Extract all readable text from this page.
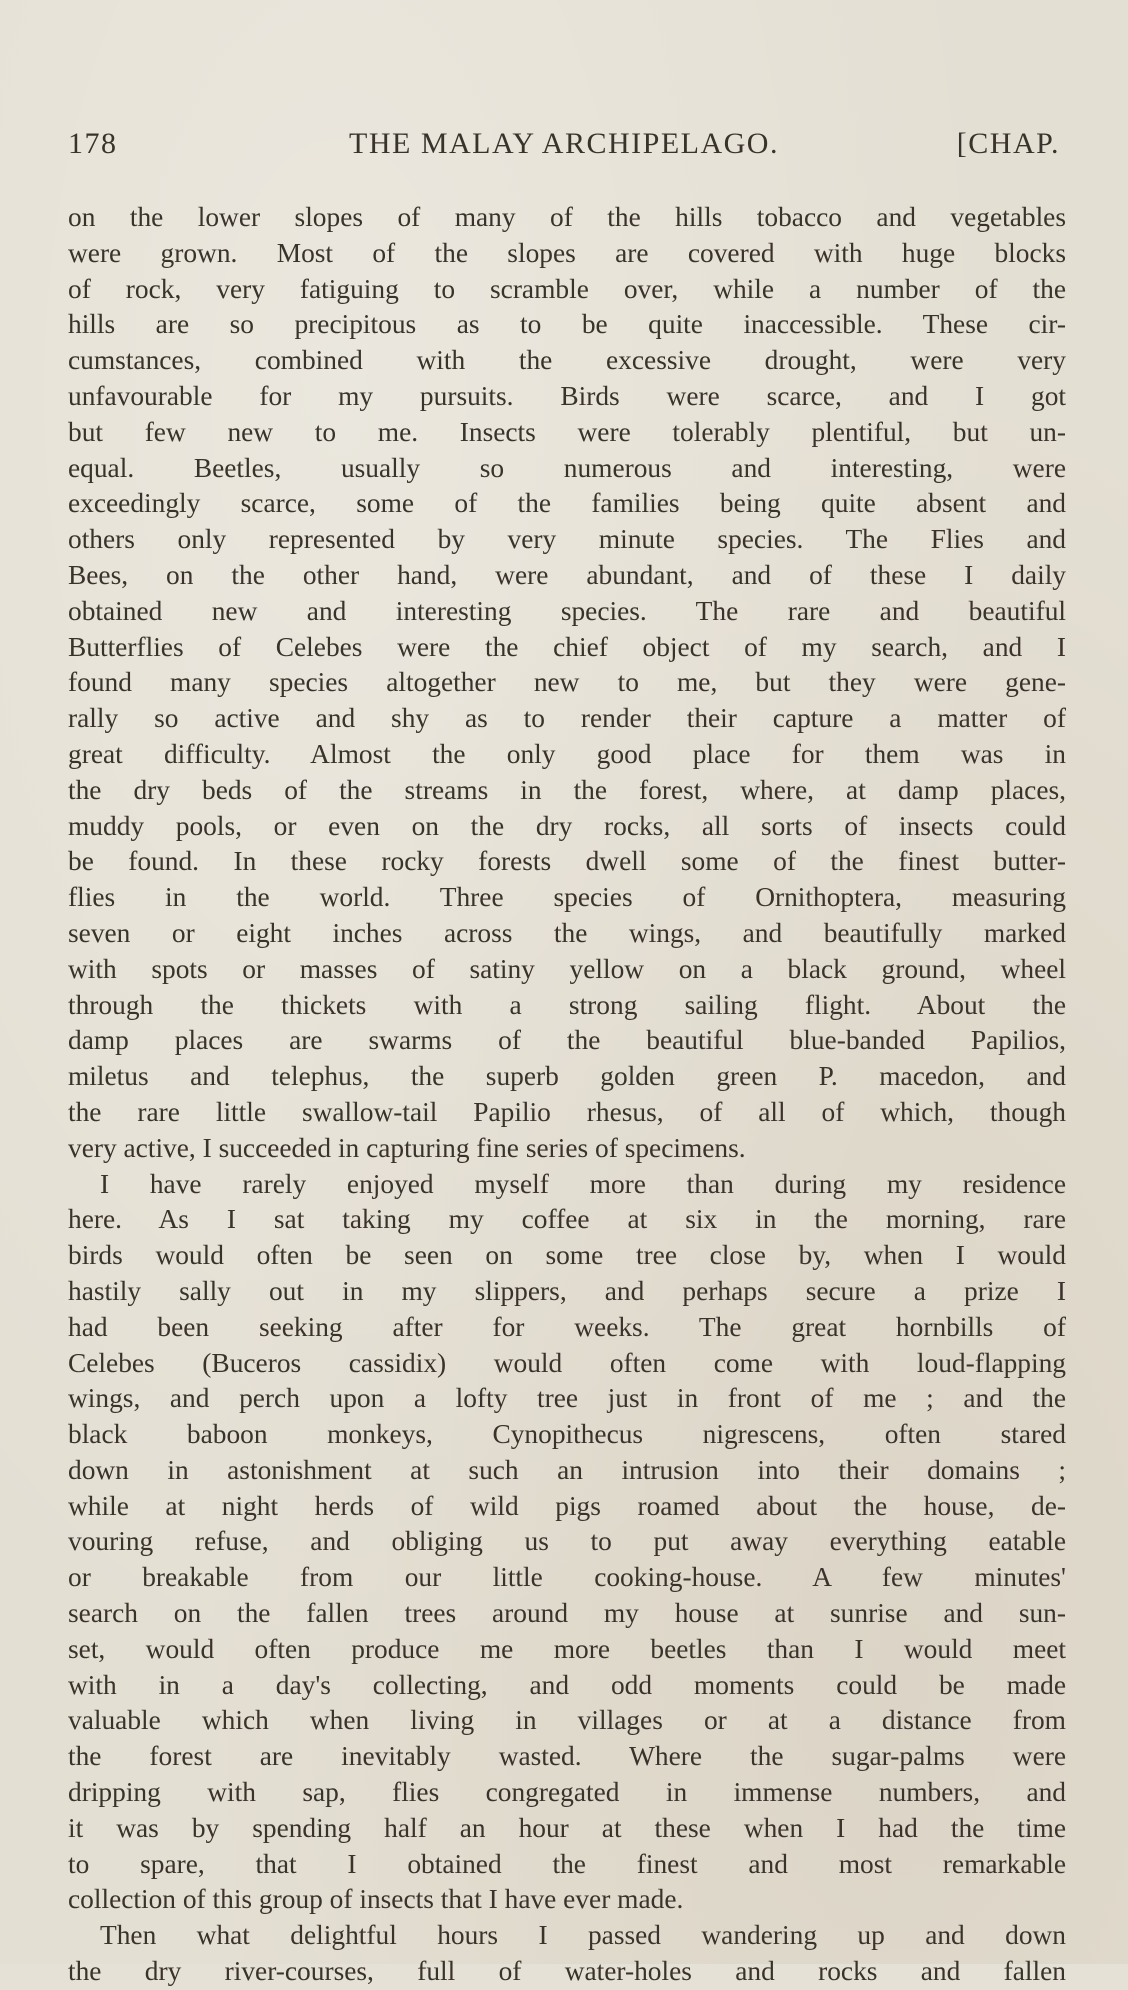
178	THE MALAY ARCHIPELAGO.	[CHAP.
on the lower slopes of many of the hills tobacco and vegetables
were grown. Most of the slopes are covered with huge blocks
of rock, very fatiguing to scramble over, while a number of the
hills are so precipitous as to be quite inaccessible. These cir-
cumstances, combined with the excessive drought, were very
unfavourable for my pursuits. Birds were scarce, and I got
but few new to me. Insects were tolerably plentiful, but un-
equal. Beetles, usually so numerous and interesting, were
exceedingly scarce, some of the families being quite absent and
others only represented by very minute species. The Flies and
Bees, on the other hand, were abundant, and of these I daily
obtained new and interesting species. The rare and beautiful
Butterflies of Celebes were the chief object of my search, and I
found many species altogether new to me, but they were gene-
rally so active and shy as to render their capture a matter of
great difficulty. Almost the only good place for them was in
the dry beds of the streams in the forest, where, at damp places,
muddy pools, or even on the dry rocks, all sorts of insects could
be found. In these rocky forests dwell some of the finest butter-
flies in the world. Three species of Ornithoptera, measuring
seven or eight inches across the wings, and beautifully marked
with spots or masses of satiny yellow on a black ground, wheel
through the thickets with a strong sailing flight. About the
damp places are swarms of the beautiful blue-banded Papilios,
miletus and telephus, the superb golden green P. macedon, and
the rare little swallow-tail Papilio rhesus, of all of which, though
very active, I succeeded in capturing fine series of specimens.
I have rarely enjoyed myself more than during my residence
here. As I sat taking my coffee at six in the morning, rare
birds would often be seen on some tree close by, when I would
hastily sally out in my slippers, and perhaps secure a prize I
had been seeking after for weeks. The great hornbills of
Celebes (Buceros cassidix) would often come with loud-flapping
wings, and perch upon a lofty tree just in front of me ; and the
black baboon monkeys, Cynopithecus nigrescens, often stared
down in astonishment at such an intrusion into their domains ;
while at night herds of wild pigs roamed about the house, de-
vouring refuse, and obliging us to put away everything eatable
or breakable from our little cooking-house. A few minutes'
search on the fallen trees around my house at sunrise and sun-
set, would often produce me more beetles than I would meet
with in a day's collecting, and odd moments could be made
valuable which when living in villages or at a distance from
the forest are inevitably wasted. Where the sugar-palms were
dripping with sap, flies congregated in immense numbers, and
it was by spending half an hour at these when I had the time
to spare, that I obtained the finest and most remarkable
collection of this group of insects that I have ever made.
Then what delightful hours I passed wandering up and down
the dry river-courses, full of water-holes and rocks and fallen
